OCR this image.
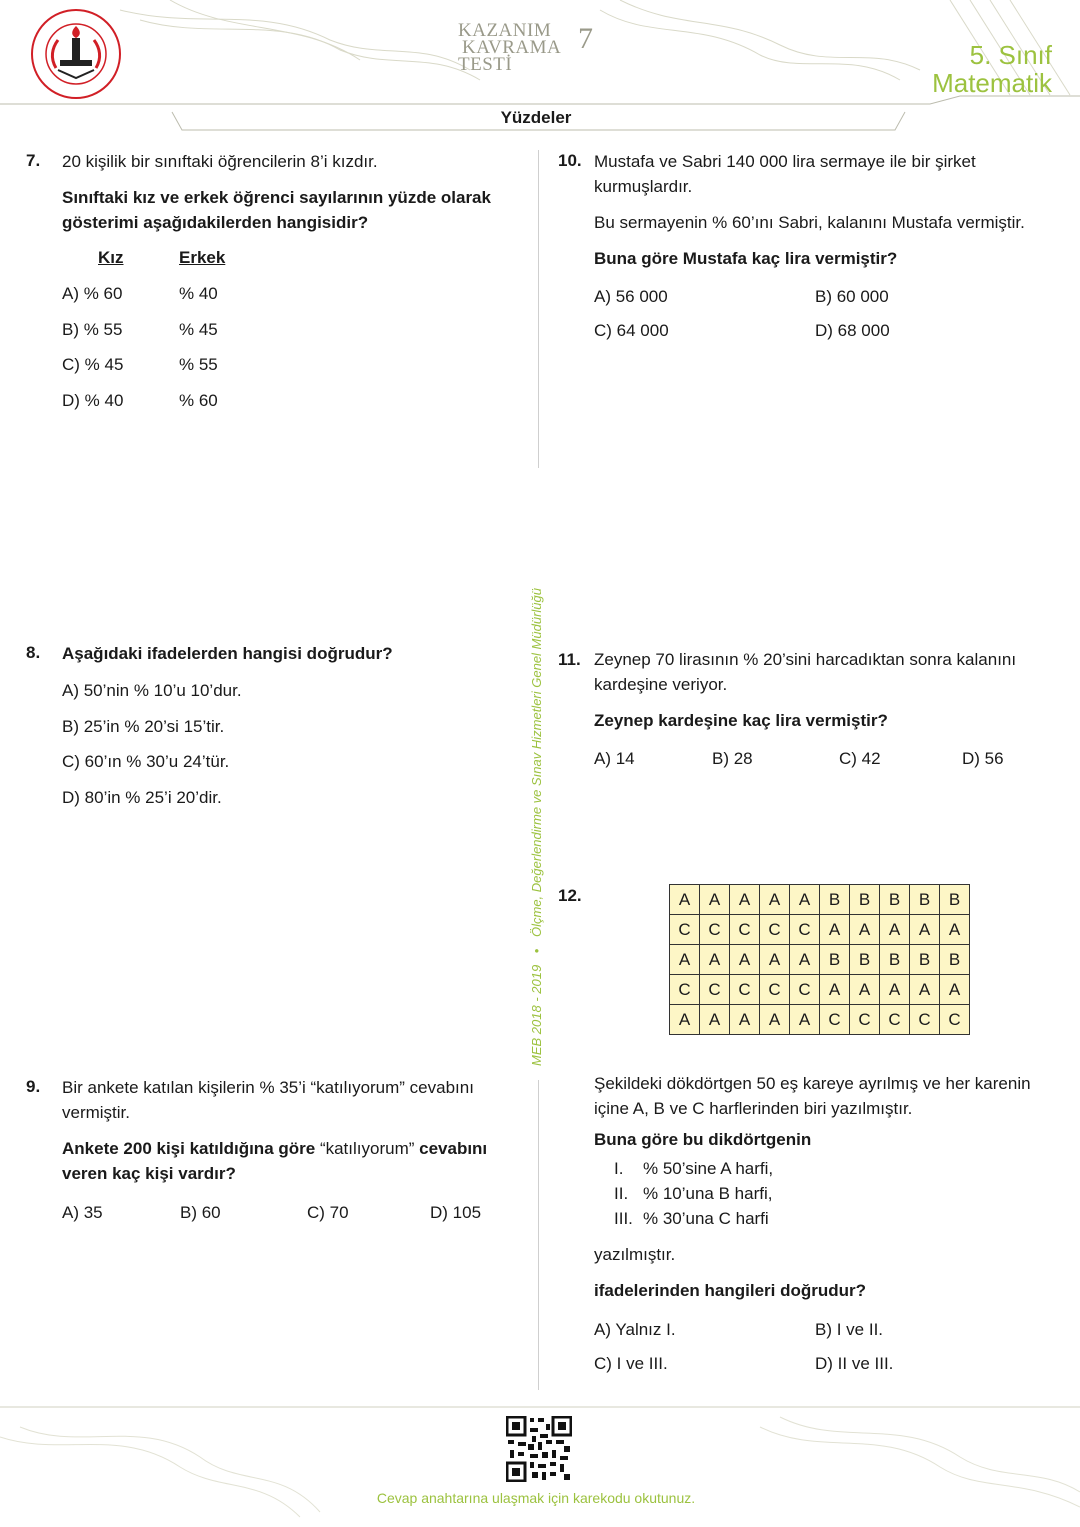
KAZANIM
KAVRAMA
TESTİ
7	5. Sınıf
Matematik
Yüzdeler
MEB 2018 - 2019 • Ölçme, Değerlendirme ve Sınav Hizmetleri Genel Müdürlüğü
7. 20 kişilik bir sınıftaki öğrencilerin 8’i kızdır.
Sınıftaki kız ve erkek öğrenci sayılarının yüzde olarak gösterimi aşağıdakilerden hangisidir?
Kız	Erkek
A) % 60	% 40
B) % 55	% 45
C) % 45	% 55
D) % 40	% 60
8. Aşağıdaki ifadelerden hangisi doğrudur?
A) 50’nin % 10’u 10’dur.
B) 25’in % 20’si 15’tir.
C) 60’ın % 30’u 24’tür.
D) 80’in % 25’i 20’dir.
9. Bir ankete katılan kişilerin % 35’i “katılıyorum” cevabını vermiştir.
Ankete 200 kişi katıldığına göre “katılıyorum” cevabını veren kaç kişi vardır?
A) 35	B) 60	C) 70	D) 105
10. Mustafa ve Sabri 140 000 lira sermaye ile bir şirket kurmuşlardır.
Bu sermayenin % 60’ını Sabri, kalanını Mustafa vermiştir.
Buna göre Mustafa kaç lira vermiştir?
A) 56 000	B) 60 000
C) 64 000	D) 68 000
11. Zeynep 70 lirasının % 20’sini harcadıktan sonra kalanını kardeşine veriyor.
Zeynep kardeşine kaç lira vermiştir?
A) 14	B) 28	C) 42	D) 56
12.	A	A	A	A	A	B	B	B	B	B
C	C	C	C	C	A	A	A	A	A
A	A	A	A	A	B	B	B	B	B
C	C	C	C	C	A	A	A	A	A
A	A	A	A	A	C	C	C	C	C
Şekildeki dökdörtgen 50 eş kareye ayrılmış ve her karenin içine A, B ve C harflerinden biri yazılmıştır.
Buna göre bu dikdörtgenin
I. % 50’sine A harfi,
II. % 10’una B harfi,
III. % 30’una C harfi
yazılmıştır.
ifadelerinden hangileri doğrudur?
A) Yalnız I.	B) I ve II.
C) I ve III.	D) II ve III.
Cevap anahtarına ulaşmak için karekodu okutunuz.
